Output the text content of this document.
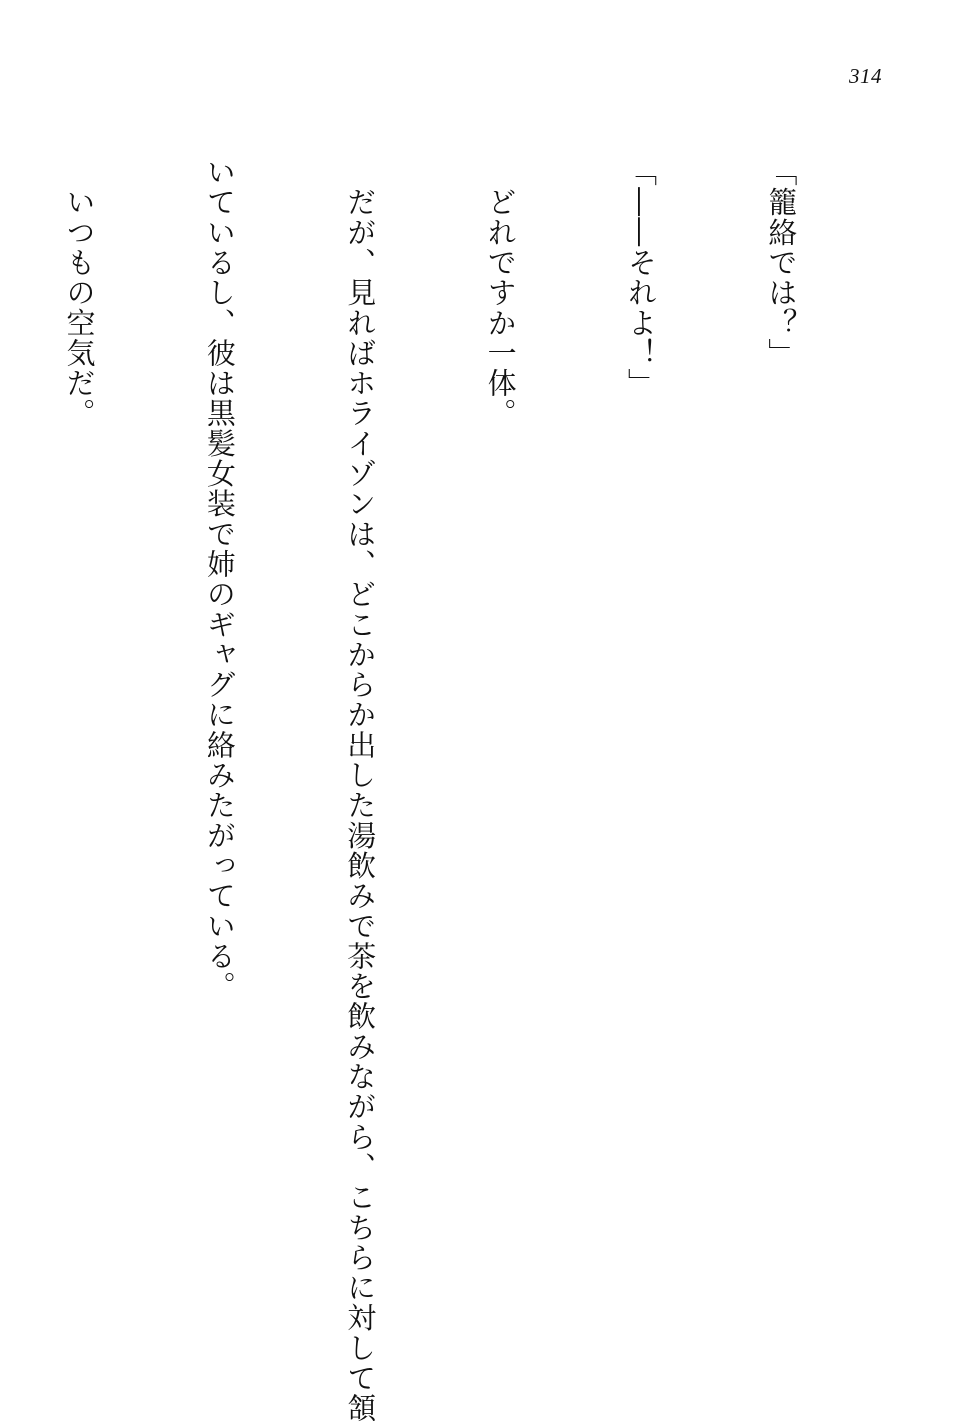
314

「籠絡では？」

「――それよ！」

　どれですか一体。

　だが、見ればホライゾンは、どこからか出した湯飲みで茶を飲みながら、こちらに対して頷

いているし、彼は黒髪女装で姉のギャグに絡みたがっている。

　いつもの空気だ。
